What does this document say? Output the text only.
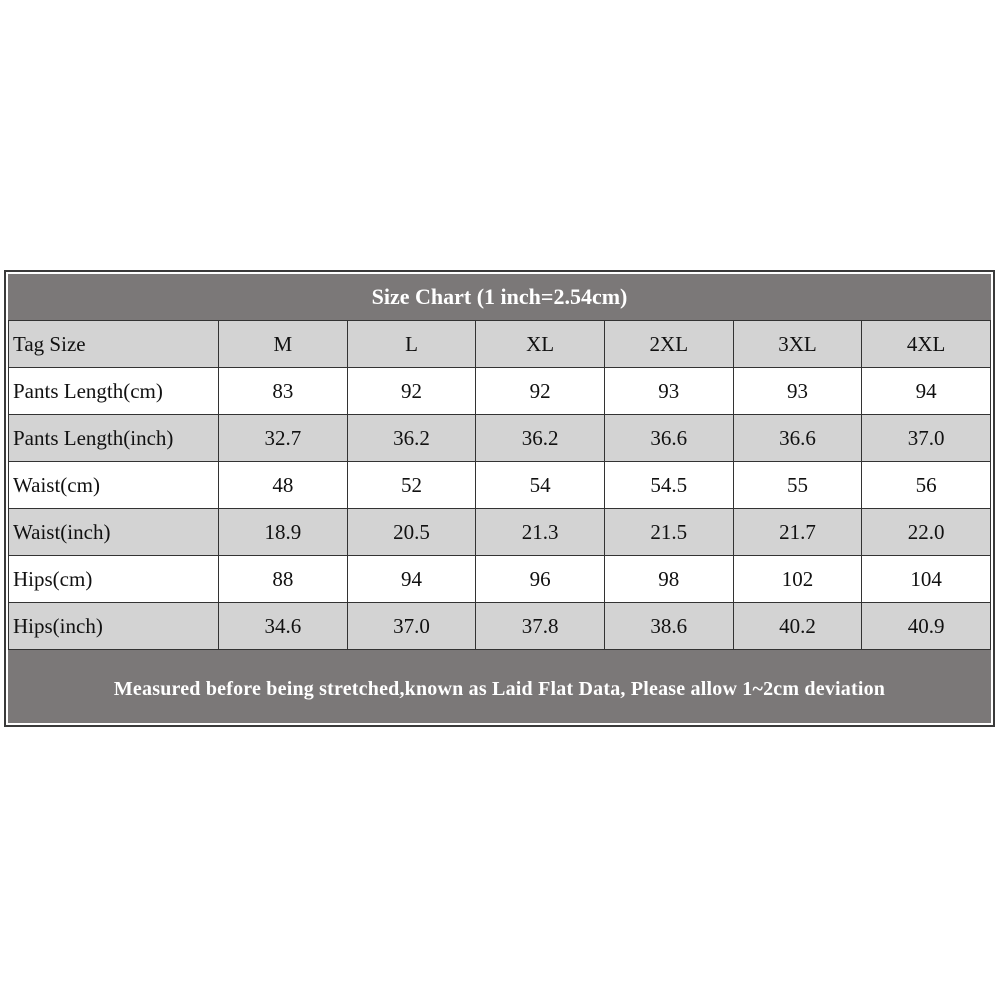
Size Chart (1 inch=2.54cm)						
Tag Size	M	L	XL	2XL	3XL	4XL
Pants Length(cm)	83	92	92	93	93	94
Pants Length(inch)	32.7	36.2	36.2	36.6	36.6	37.0
Waist(cm)	48	52	54	54.5	55	56
Waist(inch)	18.9	20.5	21.3	21.5	21.7	22.0
Hips(cm)	88	94	96	98	102	104
Hips(inch)	34.6	37.0	37.8	38.6	40.2	40.9
Measured before being stretched,known as Laid Flat Data, Please allow 1~2cm deviation
